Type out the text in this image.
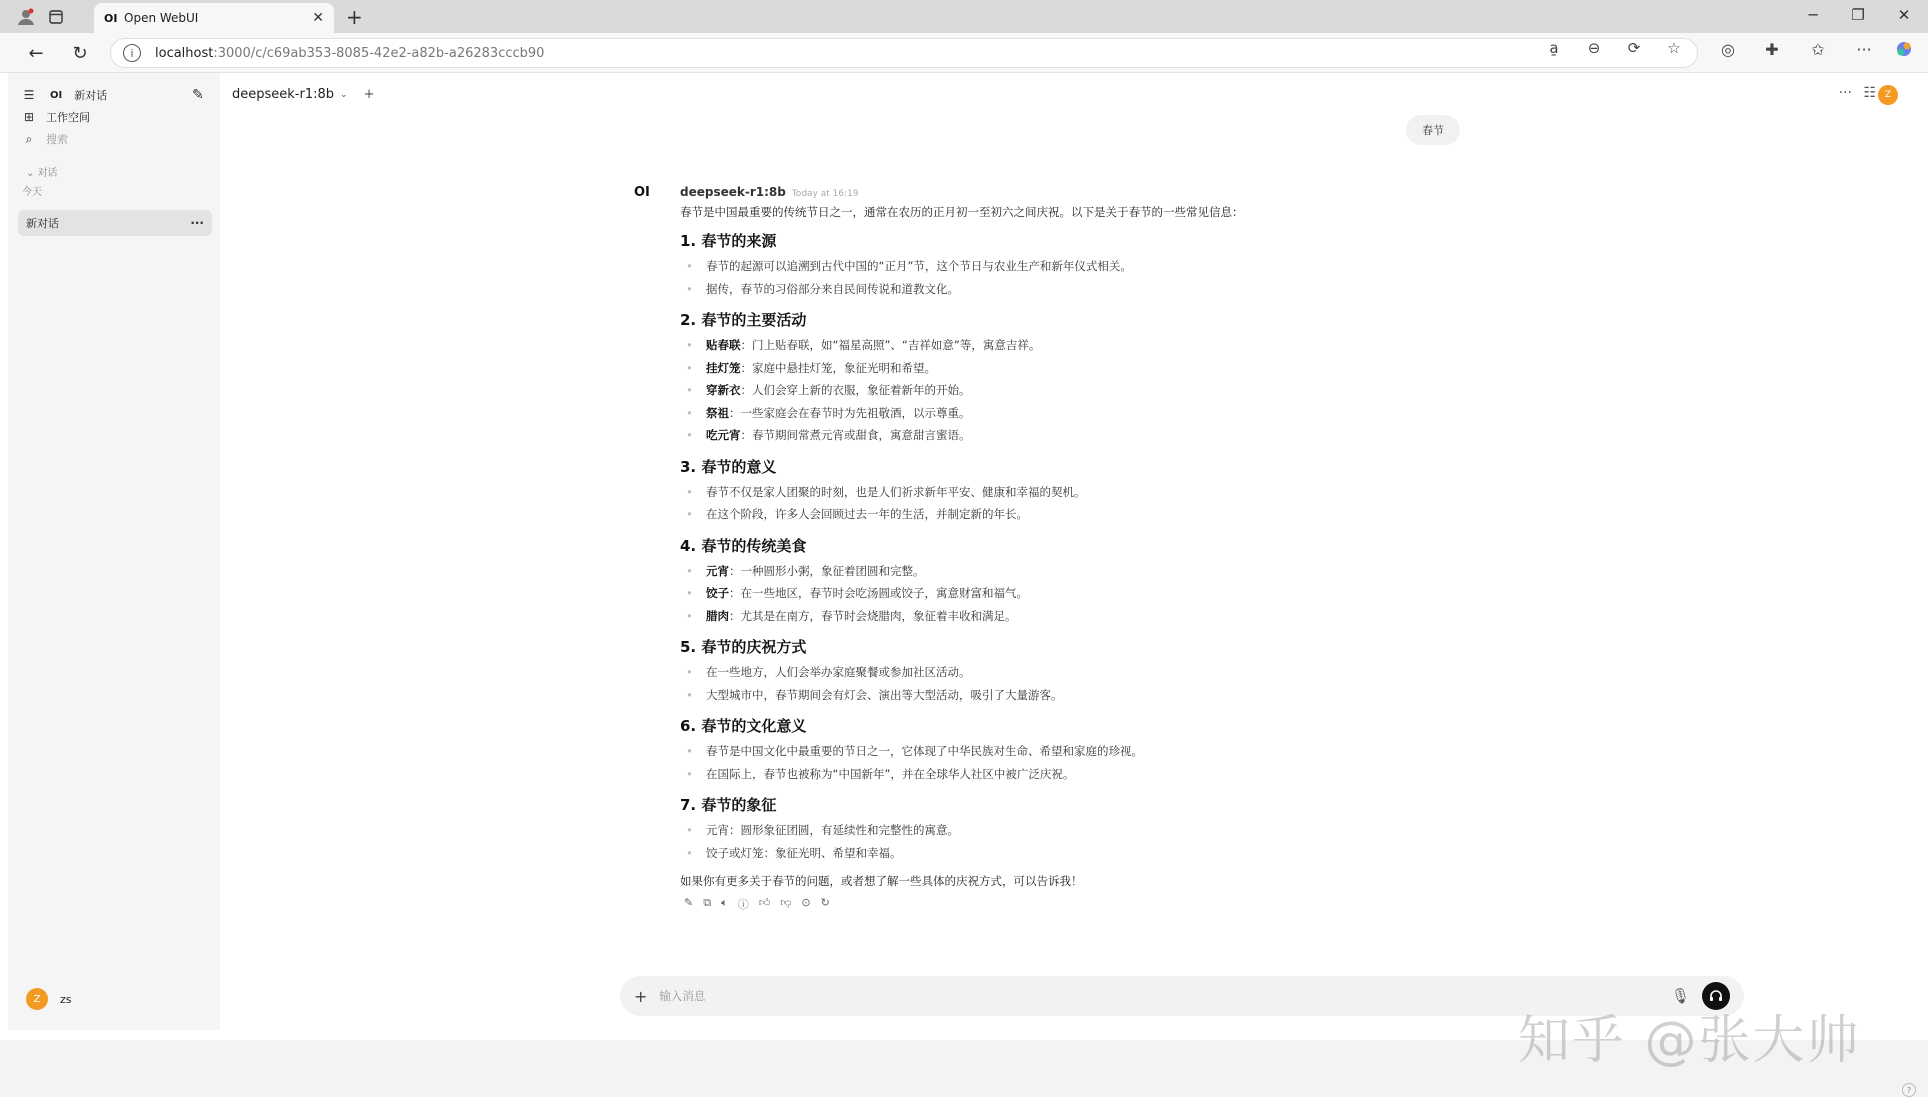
OI Open WebUI	✕ +	─	❐ ✕
← ↻	i	localhost:3000/c/c69ab353-8085-42e2-a82b-a26283cccb90	a̱	⊖ ⟳ ☆	◎	✚	✩	···
☰	OI 新对话	✎
⊞	工作空间
⌕	搜索
⌄ 对话
今天
新对话	···
Z	zs
deepseek-r1:8b ⌄ +	··· ☷ Z
春节
OI	deepseek-r1:8b Today at 16:19
春节是中国最重要的传统节日之一，通常在农历的正月初一至初六之间庆祝。以下是关于春节的一些常见信息：
1. 春节的来源
• 春节的起源可以追溯到古代中国的“正月”节，这个节日与农业生产和新年仪式相关。
• 据传，春节的习俗部分来自民间传说和道教文化。
2. 春节的主要活动
• 贴春联：门上贴春联，如“福星高照”、“吉祥如意”等，寓意吉祥。
• 挂灯笼：家庭中悬挂灯笼，象征光明和希望。
• 穿新衣：人们会穿上新的衣服，象征着新年的开始。
• 祭祖：一些家庭会在春节时为先祖敬酒，以示尊重。
• 吃元宵：春节期间常煮元宵或甜食，寓意甜言蜜语。
3. 春节的意义
• 春节不仅是家人团聚的时刻，也是人们祈求新年平安、健康和幸福的契机。
• 在这个阶段，许多人会回顾过去一年的生活，并制定新的年长。
4. 春节的传统美食
• 元宵：一种圆形小粥，象征着团圆和完整。
• 饺子：在一些地区，春节时会吃汤圆或饺子，寓意财富和福气。
• 腊肉：尤其是在南方，春节时会烧腊肉，象征着丰收和满足。
5. 春节的庆祝方式
• 在一些地方，人们会举办家庭聚餐或参加社区活动。
• 大型城市中，春节期间会有灯会、演出等大型活动，吸引了大量游客。
6. 春节的文化意义
• 春节是中国文化中最重要的节日之一，它体现了中华民族对生命、希望和家庭的珍视。
• 在国际上，春节也被称为“中国新年”，并在全球华人社区中被广泛庆祝。
7. 春节的象征
• 元宵：圆形象征团圆，有延续性和完整性的寓意。
• 饺子或灯笼：象征光明、希望和幸福。
如果你有更多关于春节的问题，或者想了解一些具体的庆祝方式，可以告诉我！
✎ ⧉ 🔈︎ ⓘ 👍︎ 👎︎ ⊙ ↻
+
输入消息	🎙︎
知乎 @张大帅
?
